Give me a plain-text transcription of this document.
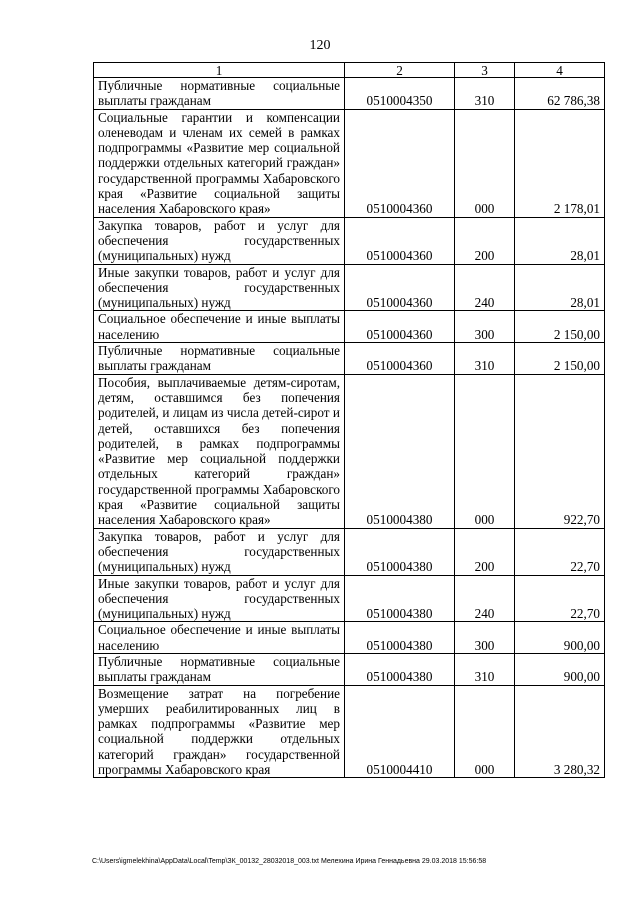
120
1	2	3	4
Публичные нормативные социальные выплаты гражданам	0510004350	310	62 786,38
Социальные гарантии и компенсации оленеводам и членам их семей в рамках подпрограммы «Развитие мер социальной поддержки отдельных категорий граждан» государственной программы Хабаровского края «Развитие социальной защиты населения Хабаровского края»	0510004360	000	2 178,01
Закупка товаров, работ и услуг для обеспечения государственных (муниципальных) нужд	0510004360	200	28,01
Иные закупки товаров, работ и услуг для обеспечения государственных (муниципальных) нужд	0510004360	240	28,01
Социальное обеспечение и иные выплаты населению	0510004360	300	2 150,00
Публичные нормативные социальные выплаты гражданам	0510004360	310	2 150,00
Пособия, выплачиваемые детям-сиротам, детям, оставшимся без попечения родителей, и лицам из числа детей-сирот и детей, оставшихся без попечения родителей, в рамках подпрограммы «Развитие мер социальной поддержки отдельных категорий граждан» государственной программы Хабаровского края «Развитие социальной защиты населения Хабаровского края»	0510004380	000	922,70
Закупка товаров, работ и услуг для обеспечения государственных (муниципальных) нужд	0510004380	200	22,70
Иные закупки товаров, работ и услуг для обеспечения государственных (муниципальных) нужд	0510004380	240	22,70
Социальное обеспечение и иные выплаты населению	0510004380	300	900,00
Публичные нормативные социальные выплаты гражданам	0510004380	310	900,00
Возмещение затрат на погребение умерших реабилитированных лиц в рамках подпрограммы «Развитие мер социальной поддержки отдельных категорий граждан» государственной программы Хабаровского края	0510004410	000	3 280,32
C:\Users\igmelekhina\AppData\Local\Temp\ЗК_00132_28032018_003.txt Мелехина Ирина Геннадьевна 29.03.2018 15:56:58
